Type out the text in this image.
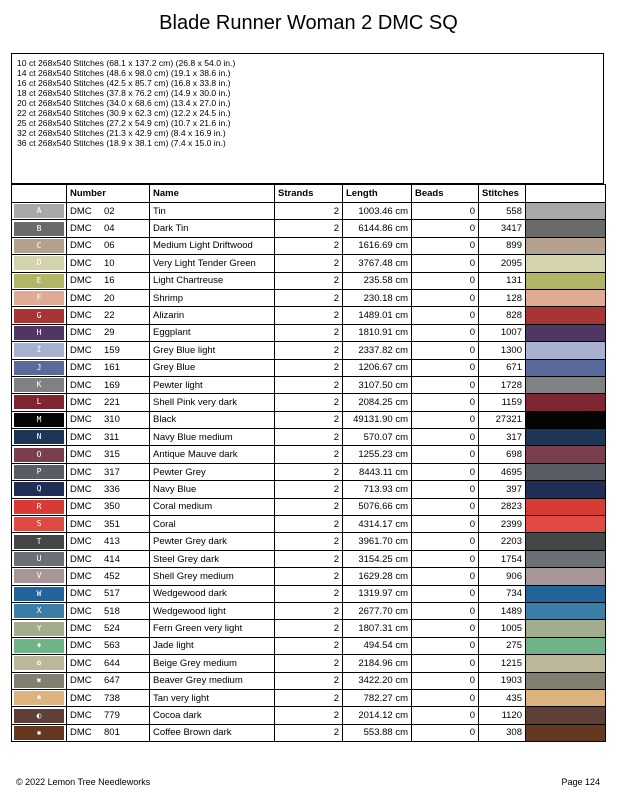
Blade Runner Woman 2 DMC SQ
10 ct 268x540 Stitches (68.1 x 137.2 cm) (26.8 x 54.0 in.)
14 ct 268x540 Stitches (48.6 x 98.0 cm) (19.1 x 38.6 in.)
16 ct 268x540 Stitches (42.5 x 85.7 cm) (16.8 x 33.8 in.)
18 ct 268x540 Stitches (37.8 x 76.2 cm) (14.9 x 30.0 in.)
20 ct 268x540 Stitches (34.0 x 68.6 cm) (13.4 x 27.0 in.)
22 ct 268x540 Stitches (30.9 x 62.3 cm) (12.2 x 24.5 in.)
25 ct 268x540 Stitches (27.2 x 54.9 cm) (10.7 x 21.6 in.)
32 ct 268x540 Stitches (21.3 x 42.9 cm) (8.4 x 16.9 in.)
36 ct 268x540 Stitches (18.9 x 38.1 cm) (7.4 x 15.0 in.)
	Number	Name	Strands	Length	Beads	Stitches	

A	DMC 02	Tin	2	1003.46 cm	0	558	

B	DMC 04	Dark Tin	2	6144.86 cm	0	3417	

C	DMC 06	Medium Light Driftwood	2	1616.69 cm	0	899	

D	DMC 10	Very Light Tender Green	2	3767.48 cm	0	2095	

E	DMC 16	Light Chartreuse	2	235.58 cm	0	131	

F	DMC 20	Shrimp	2	230.18 cm	0	128	

G	DMC 22	Alizarin	2	1489.01 cm	0	828	

H	DMC 29	Eggplant	2	1810.91 cm	0	1007	

I	DMC 159	Grey Blue light	2	2337.82 cm	0	1300	

J	DMC 161	Grey Blue	2	1206.67 cm	0	671	

K	DMC 169	Pewter light	2	3107.50 cm	0	1728	

L	DMC 221	Shell Pink very dark	2	2084.25 cm	0	1159	

M	DMC 310	Black	2	49131.90 cm	0	27321	

N	DMC 311	Navy Blue medium	2	570.07 cm	0	317	

O	DMC 315	Antique Mauve dark	2	1255.23 cm	0	698	

P	DMC 317	Pewter Grey	2	8443.11 cm	0	4695	

Q	DMC 336	Navy Blue	2	713.93 cm	0	397	

R	DMC 350	Coral medium	2	5076.66 cm	0	2823	

S	DMC 351	Coral	2	4314.17 cm	0	2399	

T	DMC 413	Pewter Grey dark	2	3961.70 cm	0	2203	

U	DMC 414	Steel Grey dark	2	3154.25 cm	0	1754	

V	DMC 452	Shell Grey medium	2	1629.28 cm	0	906	

W	DMC 517	Wedgewood dark	2	1319.97 cm	0	734	

X	DMC 518	Wedgewood light	2	2677.70 cm	0	1489	

Y	DMC 524	Fern Green very light	2	1807.31 cm	0	1005	

♦	DMC 563	Jade light	2	494.54 cm	0	275	

✿	DMC 644	Beige Grey medium	2	2184.96 cm	0	1215	

✖	DMC 647	Beaver Grey medium	2	3422.20 cm	0	1903	

♠	DMC 738	Tan very light	2	782.27 cm	0	435	

◐	DMC 779	Cocoa dark	2	2014.12 cm	0	1120	

▪	DMC 801	Coffee Brown dark	2	553.88 cm	0	308	
© 2022 Lemon Tree Needleworks	Page 124
